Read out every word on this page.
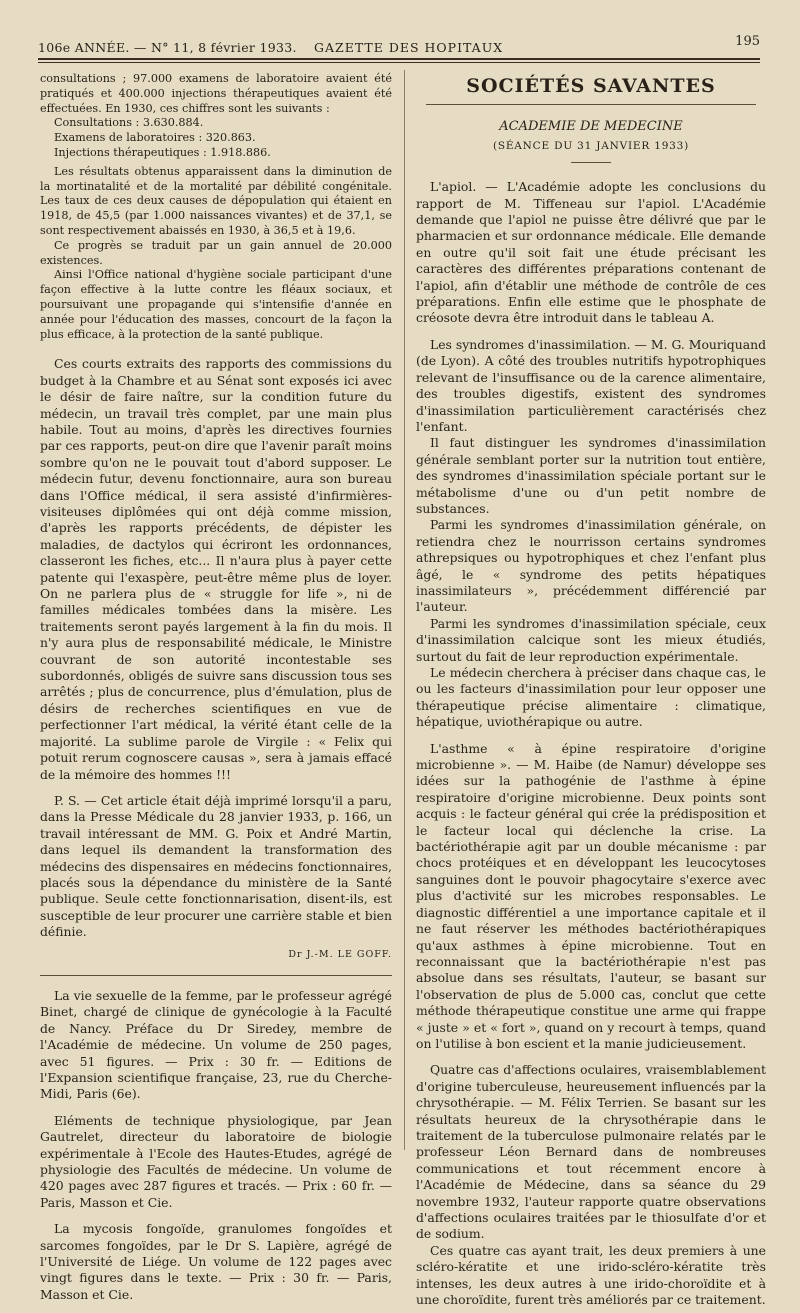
106e ANNÉE. — N° 11, 8 février 1933. GAZETTE DES HOPITAUX	195

consultations ; 97.000 examens de laboratoire avaient été pratiqués et 400.000 injections thérapeutiques avaient été effectuées. En 1930, ces chiffres sont les suivants :

Consultations : 3.630.884.

Examens de laboratoires : 320.863.

Injections thérapeutiques : 1.918.886.

Les résultats obtenus apparaissent dans la diminution de la mortinatalité et de la mortalité par débilité congénitale. Les taux de ces deux causes de dépopulation qui étaient en 1918, de 45,5 (par 1.000 naissances vivantes) et de 37,1, se sont respectivement abaissés en 1930, à 36,5 et à 19,6.

Ce progrès se traduit par un gain annuel de 20.000 existences.

Ainsi l'Office national d'hygiène sociale participant d'une façon effective à la lutte contre les fléaux sociaux, et poursuivant une propagande qui s'intensifie d'année en année pour l'éducation des masses, concourt de la façon la plus efficace, à la protection de la santé publique.

Ces courts extraits des rapports des commissions du budget à la Chambre et au Sénat sont exposés ici avec le désir de faire naître, sur la condition future du médecin, un travail très complet, par une main plus habile. Tout au moins, d'après les directives fournies par ces rapports, peut-on dire que l'avenir paraît moins sombre qu'on ne le pouvait tout d'abord supposer. Le médecin futur, devenu fonctionnaire, aura son bureau dans l'Office médical, il sera assisté d'infirmières-visiteuses diplômées qui ont déjà comme mission, d'après les rapports précédents, de dépister les maladies, de dactylos qui écriront les ordonnances, classeront les fiches, etc... Il n'aura plus à payer cette patente qui l'exaspère, peut-être même plus de loyer. On ne parlera plus de « struggle for life », ni de familles médicales tombées dans la misère. Les traitements seront payés largement à la fin du mois. Il n'y aura plus de responsabilité médicale, le Ministre couvrant de son autorité incontestable ses subordonnés, obligés de suivre sans discussion tous ses arrêtés ; plus de concurrence, plus d'émulation, plus de désirs de recherches scientifiques en vue de perfectionner l'art médical, la vérité étant celle de la majorité. La sublime parole de Virgile : « Felix qui potuit rerum cognoscere causas », sera à jamais effacé de la mémoire des hommes !!!

P. S. — Cet article était déjà imprimé lorsqu'il a paru, dans la Presse Médicale du 28 janvier 1933, p. 166, un travail intéressant de MM. G. Poix et André Martin, dans lequel ils demandent la transformation des médecins des dispensaires en médecins fonctionnaires, placés sous la dépendance du ministère de la Santé publique. Seule cette fonctionnarisation, disent-ils, est susceptible de leur procurer une carrière stable et bien définie.

Dr J.-M. LE GOFF.

La vie sexuelle de la femme, par le professeur agrégé Binet, chargé de clinique de gynécologie à la Faculté de Nancy. Préface du Dr Siredey, membre de l'Académie de médecine. Un volume de 250 pages, avec 51 figures. — Prix : 30 fr. — Editions de l'Expansion scientifique française, 23, rue du Cherche-Midi, Paris (6e).

Eléments de technique physiologique, par Jean Gautrelet, directeur du laboratoire de biologie expérimentale à l'Ecole des Hautes-Etudes, agrégé de physiologie des Facultés de médecine. Un volume de 420 pages avec 287 figures et tracés. — Prix : 60 fr. — Paris, Masson et Cie.

La mycosis fongoïde, granulomes fongoïdes et sarcomes fongoïdes, par le Dr S. Lapière, agrégé de l'Université de Liége. Un volume de 122 pages avec vingt figures dans le texte. — Prix : 30 fr. — Paris, Masson et Cie.

SOCIÉTÉS SAVANTES
ACADEMIE DE MEDECINE
(SÉANCE DU 31 JANVIER 1933)

L'apiol. — L'Académie adopte les conclusions du rapport de M. Tiffeneau sur l'apiol. L'Académie demande que l'apiol ne puisse être délivré que par le pharmacien et sur ordonnance médicale. Elle demande en outre qu'il soit fait une étude précisant les caractères des différentes préparations contenant de l'apiol, afin d'établir une méthode de contrôle de ces préparations. Enfin elle estime que le phosphate de créosote devra être introduit dans le tableau A.

Les syndromes d'inassimilation. — M. G. Mouriquand (de Lyon). A côté des troubles nutritifs hypotrophiques relevant de l'insuffisance ou de la carence alimentaire, des troubles digestifs, existent des syndromes d'inassimilation particulièrement caractérisés chez l'enfant.

Il faut distinguer les syndromes d'inassimilation générale semblant porter sur la nutrition tout entière, des syndromes d'inassimilation spéciale portant sur le métabolisme d'une ou d'un petit nombre de substances.

Parmi les syndromes d'inassimilation générale, on retiendra chez le nourrisson certains syndromes athrepsiques ou hypotrophiques et chez l'enfant plus âgé, le « syndrome des petits hépatiques inassimilateurs », précédemment différencié par l'auteur.

Parmi les syndromes d'inassimilation spéciale, ceux d'inassimilation calcique sont les mieux étudiés, surtout du fait de leur reproduction expérimentale.

Le médecin cherchera à préciser dans chaque cas, le ou les facteurs d'inassimilation pour leur opposer une thérapeutique précise alimentaire : climatique, hépatique, uviothérapique ou autre.

L'asthme « à épine respiratoire d'origine microbienne ». — M. Haibe (de Namur) développe ses idées sur la pathogénie de l'asthme à épine respiratoire d'origine microbienne. Deux points sont acquis : le facteur général qui crée la prédisposition et le facteur local qui déclenche la crise. La bactériothérapie agit par un double mécanisme : par chocs protéiques et en développant les leucocytoses sanguines dont le pouvoir phagocytaire s'exerce avec plus d'activité sur les microbes responsables. Le diagnostic différentiel a une importance capitale et il ne faut réserver les méthodes bactériothérapiques qu'aux asthmes à épine microbienne. Tout en reconnaissant que la bactériothérapie n'est pas absolue dans ses résultats, l'auteur, se basant sur l'observation de plus de 5.000 cas, conclut que cette méthode thérapeutique constitue une arme qui frappe « juste » et « fort », quand on y recourt à temps, quand on l'utilise à bon escient et la manie judicieusement.

Quatre cas d'affections oculaires, vraisemblablement d'origine tuberculeuse, heureusement influencés par la chrysothérapie. — M. Félix Terrien. Se basant sur les résultats heureux de la chrysothérapie dans le traitement de la tuberculose pulmonaire relatés par le professeur Léon Bernard dans de nombreuses communications et tout récemment encore à l'Académie de Médecine, dans sa séance du 29 novembre 1932, l'auteur rapporte quatre observations d'affections oculaires traitées par le thiosulfate d'or et de sodium.

Ces quatre cas ayant trait, les deux premiers à une scléro-kératite et une irido-scléro-kératite très intenses, les deux autres à une irido-choroïdite et à une choroïdite, furent très améliorés par ce traitement.
